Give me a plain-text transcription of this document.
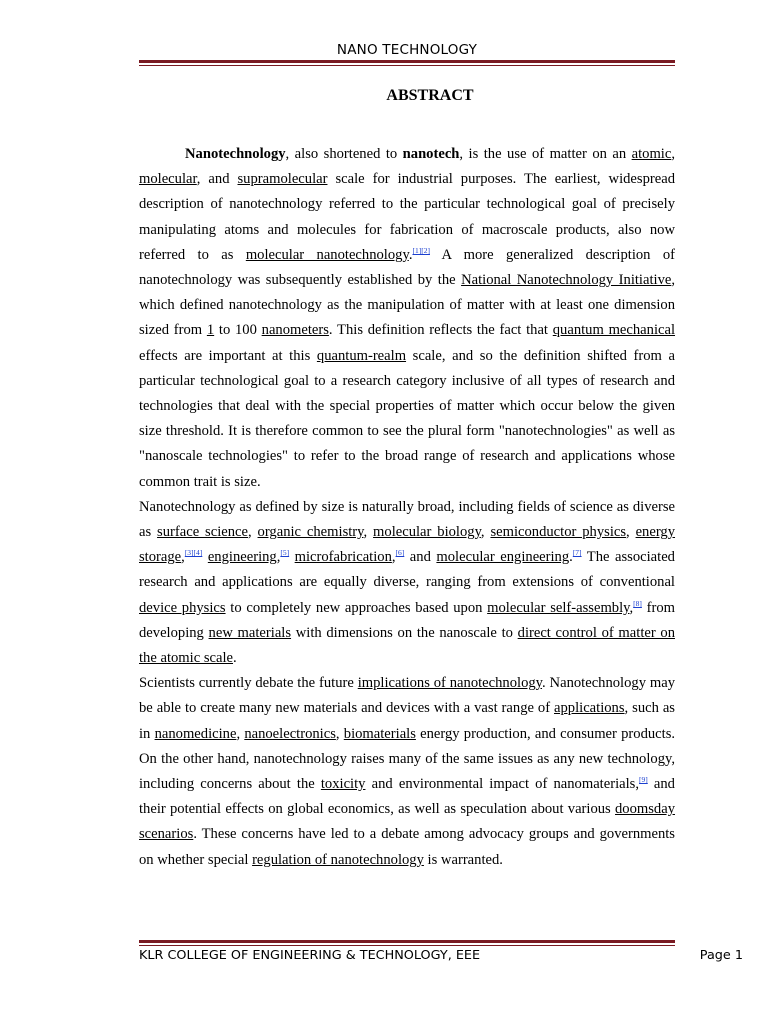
NANO TECHNOLOGY
ABSTRACT

Nanotechnology, also shortened to nanotech, is the use of matter on an atomic, molecular, and supramolecular scale for industrial purposes. The earliest, widespread description of nanotechnology referred to the particular technological goal of precisely manipulating atoms and molecules for fabrication of macroscale products, also now referred to as molecular nanotechnology.[1][2] A more generalized description of nanotechnology was subsequently established by the National Nanotechnology Initiative, which defined nanotechnology as the manipulation of matter with at least one dimension sized from 1 to 100 nanometers. This definition reflects the fact that quantum mechanical effects are important at this quantum-realm scale, and so the definition shifted from a particular technological goal to a research category inclusive of all types of research and technologies that deal with the special properties of matter which occur below the given size threshold. It is therefore common to see the plural form "nanotechnologies" as well as "nanoscale technologies" to refer to the broad range of research and applications whose common trait is size.

Nanotechnology as defined by size is naturally broad, including fields of science as diverse as surface science, organic chemistry, molecular biology, semiconductor physics, energy storage,[3][4] engineering,[5] microfabrication,[6] and molecular engineering.[7] The associated research and applications are equally diverse, ranging from extensions of conventional device physics to completely new approaches based upon molecular self-assembly,[8] from developing new materials with dimensions on the nanoscale to direct control of matter on the atomic scale.

Scientists currently debate the future implications of nanotechnology. Nanotechnology may be able to create many new materials and devices with a vast range of applications, such as in nanomedicine, nanoelectronics, biomaterials energy production, and consumer products. On the other hand, nanotechnology raises many of the same issues as any new technology, including concerns about the toxicity and environmental impact of nanomaterials,[9] and their potential effects on global economics, as well as speculation about various doomsday scenarios. These concerns have led to a debate among advocacy groups and governments on whether special regulation of nanotechnology is warranted.

KLR COLLEGE OF ENGINEERING & TECHNOLOGY, EEE	Page 1
